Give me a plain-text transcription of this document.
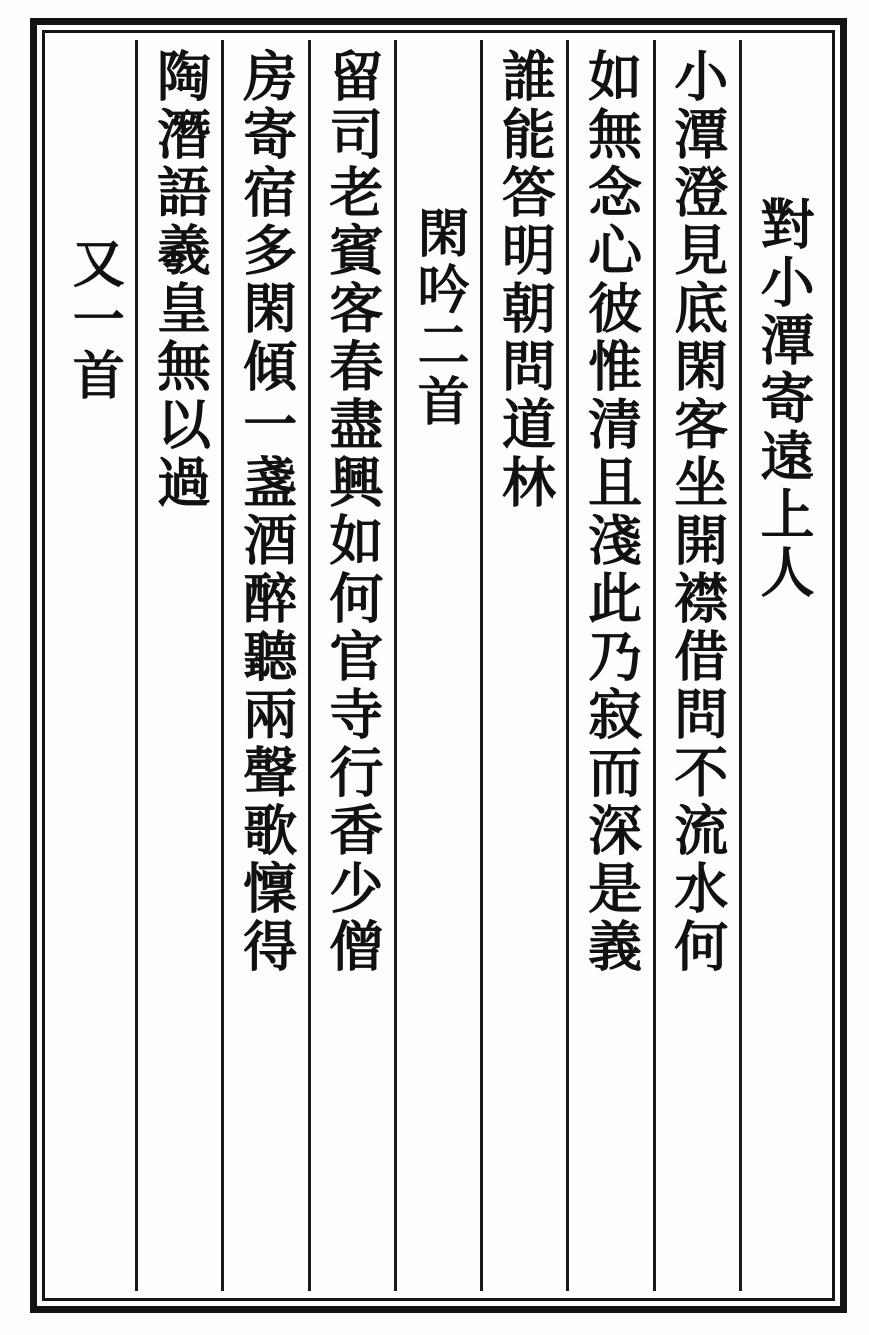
對小潭寄遠上人
小潭澄見底閑客坐開襟借問不流水何
如無念心彼惟清且淺此乃寂而深是義
誰能答明朝問道林
閑吟二首
留司老賓客春盡興如何官寺行香少僧
房寄宿多閑傾一盞酒醉聽兩聲歌懍得
陶潛語羲皇無以過
又一首
